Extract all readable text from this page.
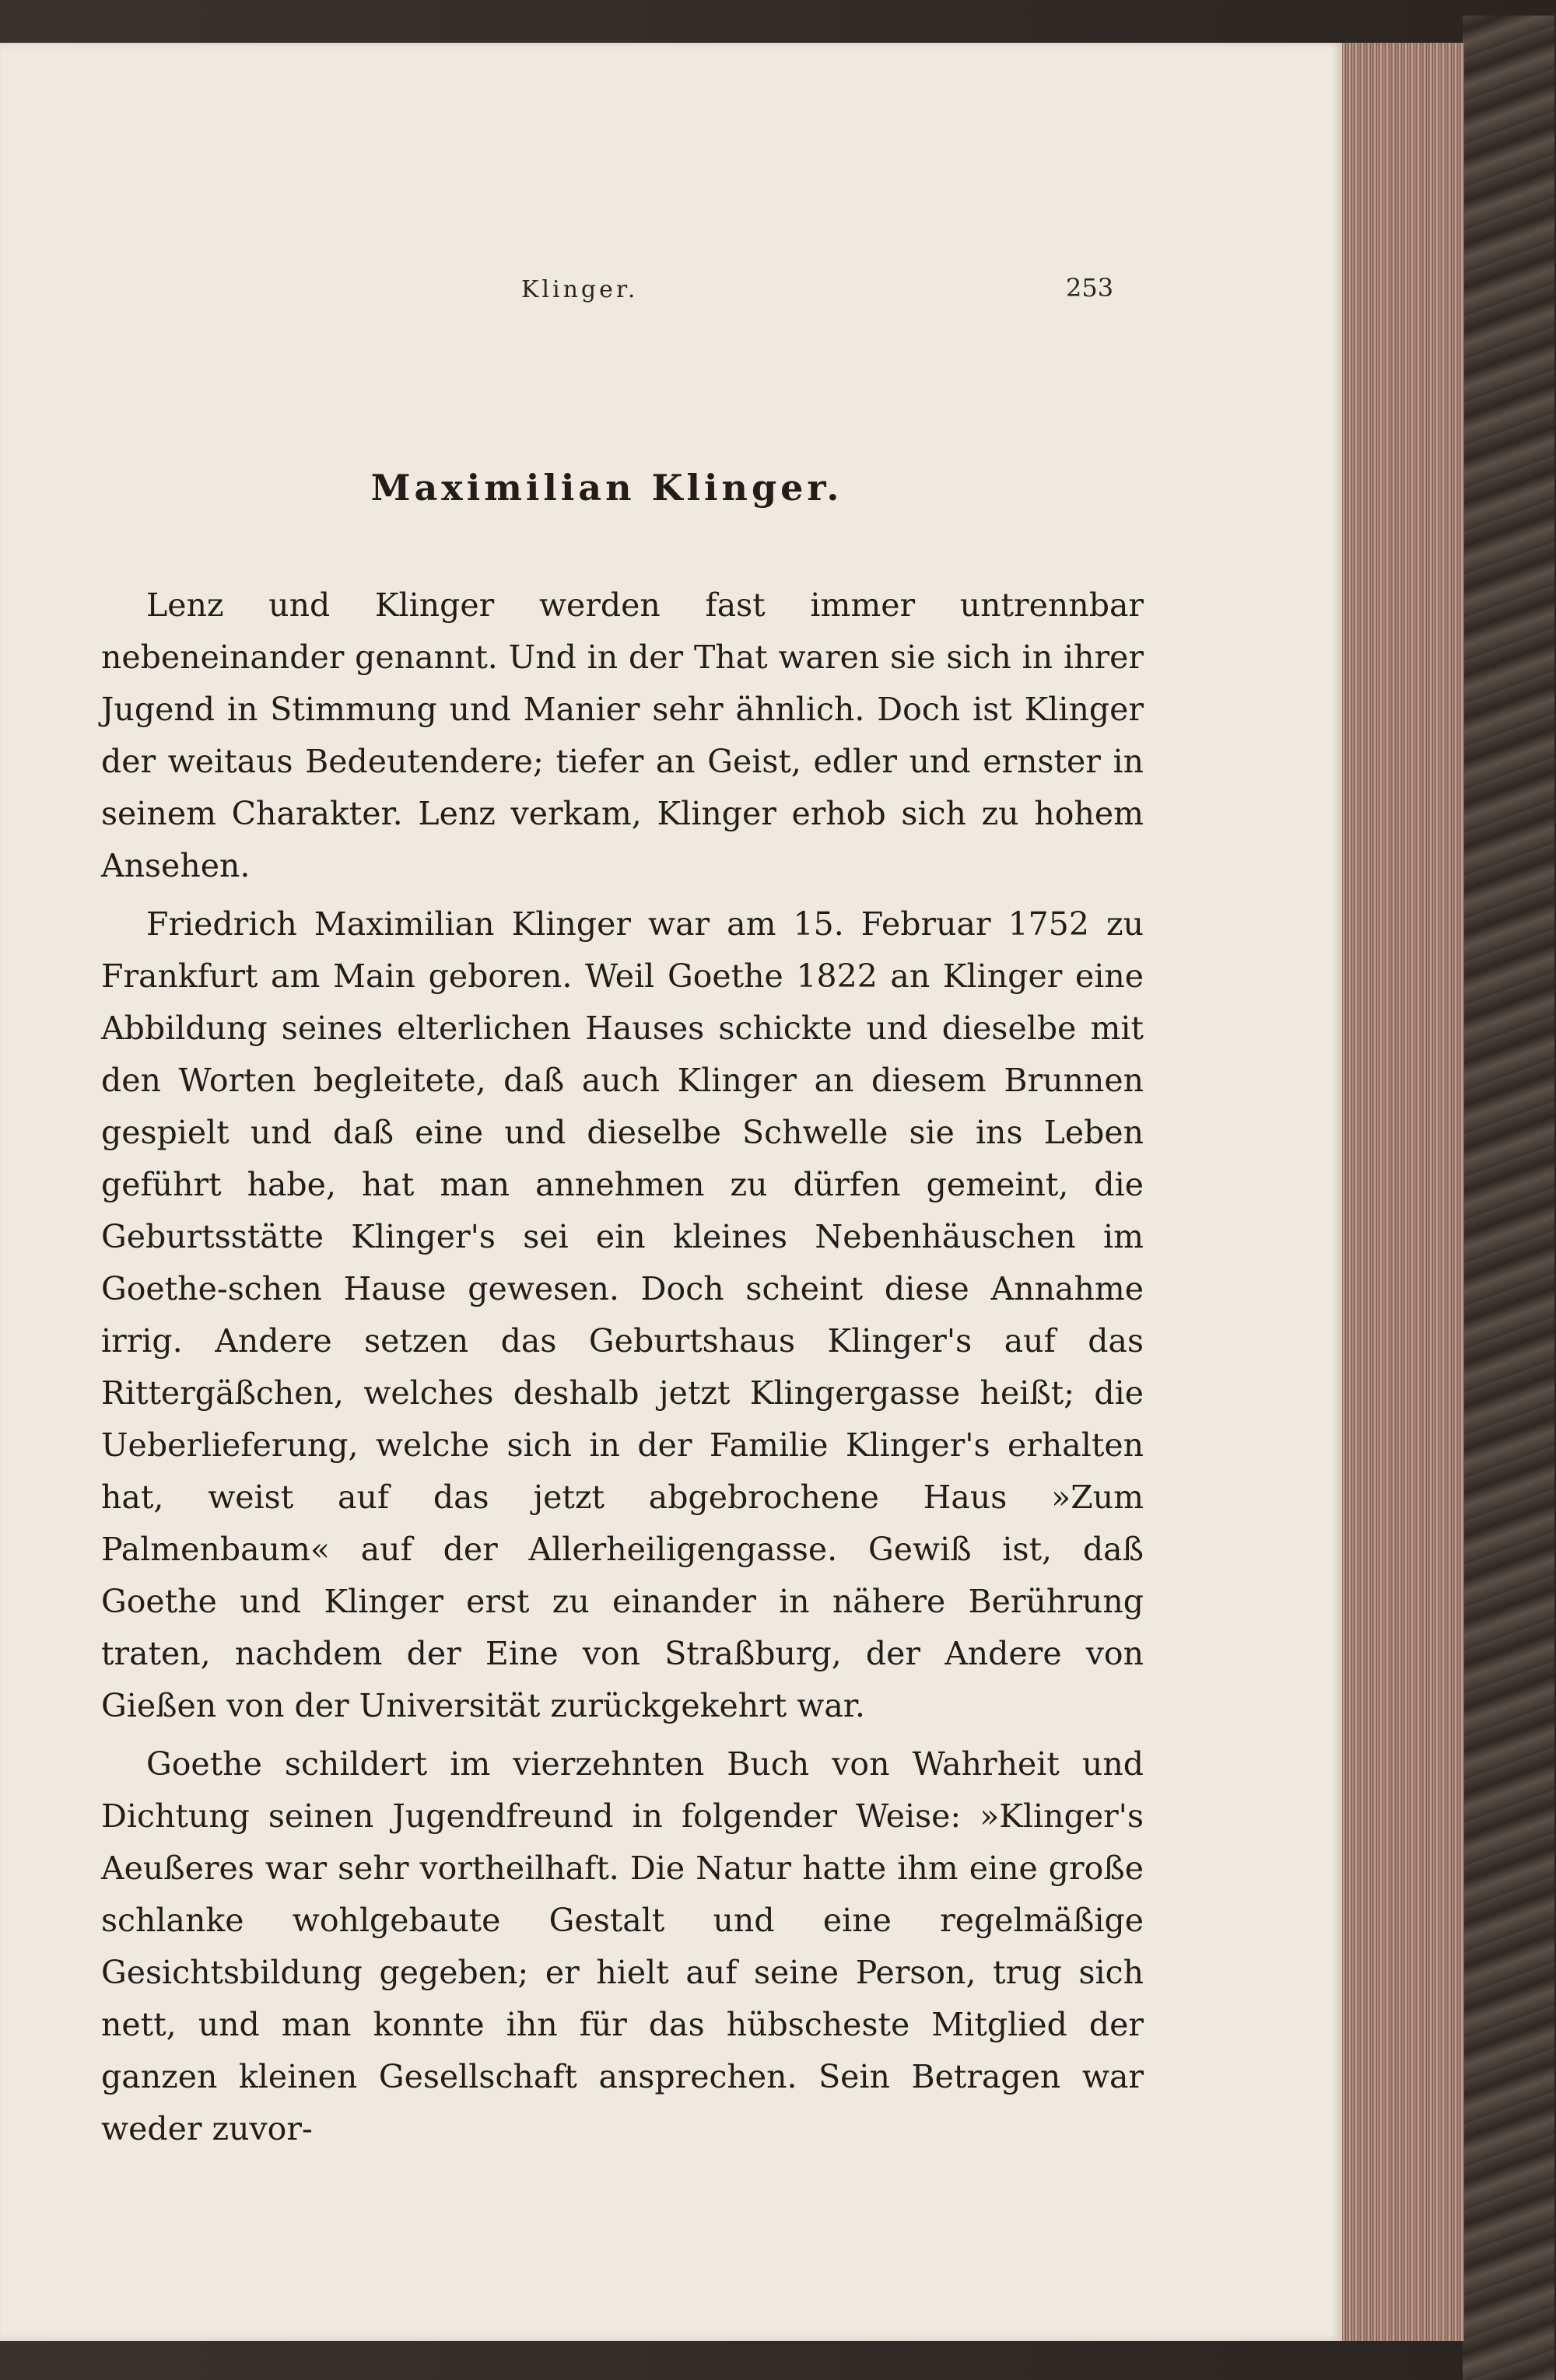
Klinger.	253
Maximilian Klinger.

Lenz und Klinger werden fast immer untrennbar nebeneinander genannt. Und in der That waren sie sich in ihrer Jugend in Stimmung und Manier sehr ähnlich. Doch ist Klinger der weitaus Bedeutendere; tiefer an Geist, edler und ernster in seinem Charakter. Lenz verkam, Klinger erhob sich zu hohem Ansehen.

Friedrich Maximilian Klinger war am 15. Februar 1752 zu Frankfurt am Main geboren. Weil Goethe 1822 an Klinger eine Abbildung seines elterlichen Hauses schickte und dieselbe mit den Worten begleitete, daß auch Klinger an diesem Brunnen gespielt und daß eine und dieselbe Schwelle sie ins Leben geführt habe, hat man annehmen zu dürfen gemeint, die Geburtsstätte Klinger's sei ein kleines Nebenhäuschen im Goethe-schen Hause gewesen. Doch scheint diese Annahme irrig. Andere setzen das Geburtshaus Klinger's auf das Rittergäßchen, welches deshalb jetzt Klingergasse heißt; die Ueberlieferung, welche sich in der Familie Klinger's erhalten hat, weist auf das jetzt abgebrochene Haus »Zum Palmenbaum« auf der Allerheiligengasse. Gewiß ist, daß Goethe und Klinger erst zu einander in nähere Berührung traten, nachdem der Eine von Straßburg, der Andere von Gießen von der Universität zurückgekehrt war.

Goethe schildert im vierzehnten Buch von Wahrheit und Dichtung seinen Jugendfreund in folgender Weise: »Klinger's Aeußeres war sehr vortheilhaft. Die Natur hatte ihm eine große schlanke wohlgebaute Gestalt und eine regelmäßige Gesichtsbildung gegeben; er hielt auf seine Person, trug sich nett, und man konnte ihn für das hübscheste Mitglied der ganzen kleinen Gesellschaft ansprechen. Sein Betragen war weder zuvor-
